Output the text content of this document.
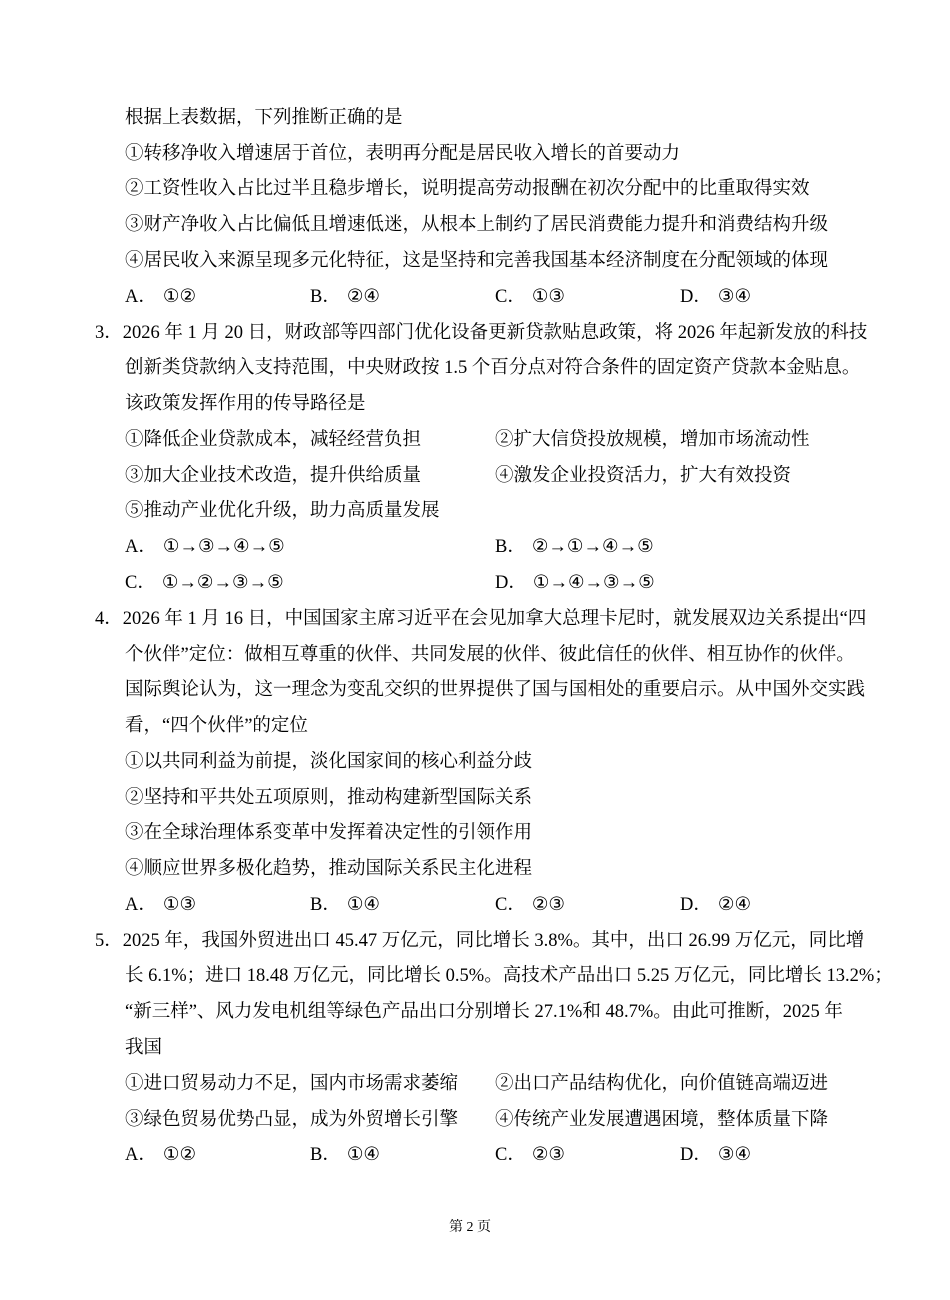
根据上表数据，下列推断正确的是
①转移净收入增速居于首位，表明再分配是居民收入增长的首要动力
②工资性收入占比过半且稳步增长，说明提高劳动报酬在初次分配中的比重取得实效
③财产净收入占比偏低且增速低迷，从根本上制约了居民消费能力提升和消费结构升级
④居民收入来源呈现多元化特征，这是坚持和完善我国基本经济制度在分配领域的体现
A． ①②	B． ②④	C． ①③	D． ③④
3．2026 年 1 月 20 日，财政部等四部门优化设备更新贷款贴息政策，将 2026 年起新发放的科技
创新类贷款纳入支持范围，中央财政按 1.5 个百分点对符合条件的固定资产贷款本金贴息。
该政策发挥作用的传导路径是
①降低企业贷款成本，减轻经营负担	②扩大信贷投放规模，增加市场流动性
③加大企业技术改造，提升供给质量	④激发企业投资活力，扩大有效投资
⑤推动产业优化升级，助力高质量发展
A． ①→③→④→⑤	B． ②→①→④→⑤
C． ①→②→③→⑤	D． ①→④→③→⑤
4．2026 年 1 月 16 日，中国国家主席习近平在会见加拿大总理卡尼时，就发展双边关系提出“四
个伙伴”定位：做相互尊重的伙伴、共同发展的伙伴、彼此信任的伙伴、相互协作的伙伴。
国际舆论认为，这一理念为变乱交织的世界提供了国与国相处的重要启示。从中国外交实践
看，“四个伙伴”的定位
①以共同利益为前提，淡化国家间的核心利益分歧
②坚持和平共处五项原则，推动构建新型国际关系
③在全球治理体系变革中发挥着决定性的引领作用
④顺应世界多极化趋势，推动国际关系民主化进程
A． ①③	B． ①④	C． ②③	D． ②④
5．2025 年，我国外贸进出口 45.47 万亿元，同比增长 3.8%。其中，出口 26.99 万亿元，同比增
长 6.1%；进口 18.48 万亿元，同比增长 0.5%。高技术产品出口 5.25 万亿元，同比增长 13.2%；
“新三样”、风力发电机组等绿色产品出口分别增长 27.1%和 48.7%。由此可推断，2025 年
我国
①进口贸易动力不足，国内市场需求萎缩 ②出口产品结构优化，向价值链高端迈进
③绿色贸易优势凸显，成为外贸增长引擎 ④传统产业发展遭遇困境，整体质量下降
A． ①②	B． ①④	C． ②③	D． ③④
第 2 页
